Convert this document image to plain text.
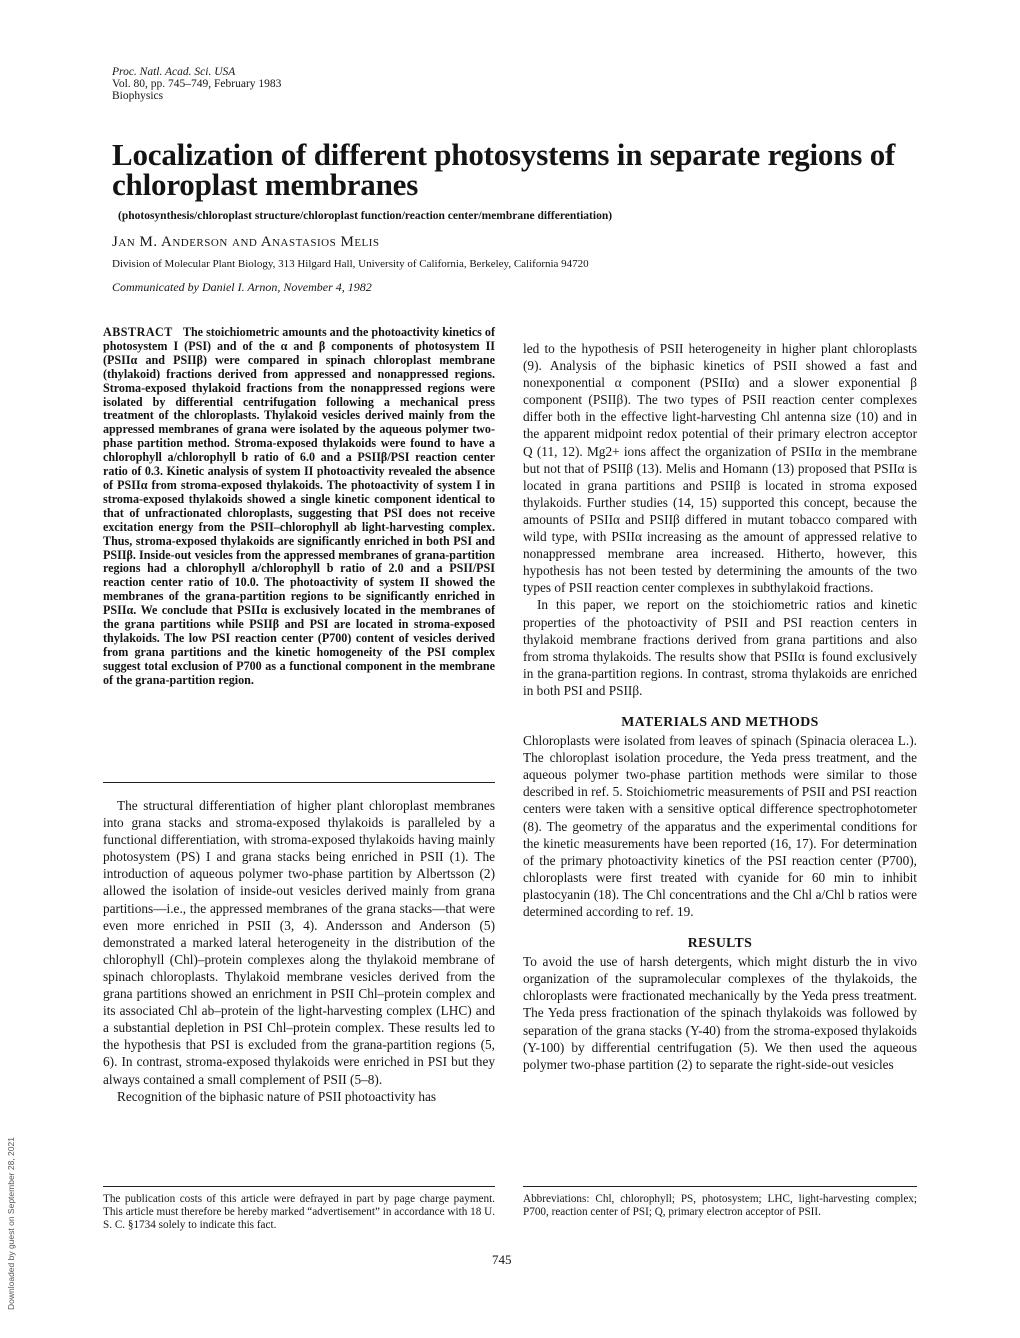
Proc. Natl. Acad. Sci. USA
Vol. 80, pp. 745–749, February 1983
Biophysics
Localization of different photosystems in separate regions of chloroplast membranes
(photosynthesis/chloroplast structure/chloroplast function/reaction center/membrane differentiation)
Jan M. Anderson and Anastasios Melis
Division of Molecular Plant Biology, 313 Hilgard Hall, University of California, Berkeley, California 94720
Communicated by Daniel I. Arnon, November 4, 1982
ABSTRACT The stoichiometric amounts and the photoactivity kinetics of photosystem I (PSI) and of the α and β components of photosystem II (PSIIα and PSIIβ) were compared in spinach chloroplast membrane (thylakoid) fractions derived from appressed and nonappressed regions. Stroma-exposed thylakoid fractions from the nonappressed regions were isolated by differential centrifugation following a mechanical press treatment of the chloroplasts. Thylakoid vesicles derived mainly from the appressed membranes of grana were isolated by the aqueous polymer two-phase partition method. Stroma-exposed thylakoids were found to have a chlorophyll a/chlorophyll b ratio of 6.0 and a PSIIβ/PSI reaction center ratio of 0.3. Kinetic analysis of system II photoactivity revealed the absence of PSIIα from stroma-exposed thylakoids. The photoactivity of system I in stroma-exposed thylakoids showed a single kinetic component identical to that of unfractionated chloroplasts, suggesting that PSI does not receive excitation energy from the PSII–chlorophyll ab light-harvesting complex. Thus, stroma-exposed thylakoids are significantly enriched in both PSI and PSIIβ. Inside-out vesicles from the appressed membranes of grana-partition regions had a chlorophyll a/chlorophyll b ratio of 2.0 and a PSII/PSI reaction center ratio of 10.0. The photoactivity of system II showed the membranes of the grana-partition regions to be significantly enriched in PSIIα. We conclude that PSIIα is exclusively located in the membranes of the grana partitions while PSIIβ and PSI are located in stroma-exposed thylakoids. The low PSI reaction center (P700) content of vesicles derived from grana partitions and the kinetic homogeneity of the PSI complex suggest total exclusion of P700 as a functional component in the membrane of the grana-partition region.

The structural differentiation of higher plant chloroplast membranes into grana stacks and stroma-exposed thylakoids is paralleled by a functional differentiation, with stroma-exposed thylakoids having mainly photosystem (PS) I and grana stacks being enriched in PSII (1). The introduction of aqueous polymer two-phase partition by Albertsson (2) allowed the isolation of inside-out vesicles derived mainly from grana partitions—i.e., the appressed membranes of the grana stacks—that were even more enriched in PSII (3, 4). Andersson and Anderson (5) demonstrated a marked lateral heterogeneity in the distribution of the chlorophyll (Chl)–protein complexes along the thylakoid membrane of spinach chloroplasts. Thylakoid membrane vesicles derived from the grana partitions showed an enrichment in PSII Chl–protein complex and its associated Chl ab–protein of the light-harvesting complex (LHC) and a substantial depletion in PSI Chl–protein complex. These results led to the hypothesis that PSI is excluded from the grana-partition regions (5, 6). In contrast, stroma-exposed thylakoids were enriched in PSI but they always contained a small complement of PSII (5–8).

Recognition of the biphasic nature of PSII photoactivity has

led to the hypothesis of PSII heterogeneity in higher plant chloroplasts (9). Analysis of the biphasic kinetics of PSII showed a fast and nonexponential α component (PSIIα) and a slower exponential β component (PSIIβ). The two types of PSII reaction center complexes differ both in the effective light-harvesting Chl antenna size (10) and in the apparent midpoint redox potential of their primary electron acceptor Q (11, 12). Mg2+ ions affect the organization of PSIIα in the membrane but not that of PSIIβ (13). Melis and Homann (13) proposed that PSIIα is located in grana partitions and PSIIβ is located in stroma exposed thylakoids. Further studies (14, 15) supported this concept, because the amounts of PSIIα and PSIIβ differed in mutant tobacco compared with wild type, with PSIIα increasing as the amount of appressed relative to nonappressed membrane area increased. Hitherto, however, this hypothesis has not been tested by determining the amounts of the two types of PSII reaction center complexes in subthylakoid fractions.

In this paper, we report on the stoichiometric ratios and kinetic properties of the photoactivity of PSII and PSI reaction centers in thylakoid membrane fractions derived from grana partitions and also from stroma thylakoids. The results show that PSIIα is found exclusively in the grana-partition regions. In contrast, stroma thylakoids are enriched in both PSI and PSIIβ.

MATERIALS AND METHODS

Chloroplasts were isolated from leaves of spinach (Spinacia oleracea L.). The chloroplast isolation procedure, the Yeda press treatment, and the aqueous polymer two-phase partition methods were similar to those described in ref. 5. Stoichiometric measurements of PSII and PSI reaction centers were taken with a sensitive optical difference spectrophotometer (8). The geometry of the apparatus and the experimental conditions for the kinetic measurements have been reported (16, 17). For determination of the primary photoactivity kinetics of the PSI reaction center (P700), chloroplasts were first treated with cyanide for 60 min to inhibit plastocyanin (18). The Chl concentrations and the Chl a/Chl b ratios were determined according to ref. 19.

RESULTS

To avoid the use of harsh detergents, which might disturb the in vivo organization of the supramolecular complexes of the thylakoids, the chloroplasts were fractionated mechanically by the Yeda press treatment. The Yeda press fractionation of the spinach thylakoids was followed by separation of the grana stacks (Y-40) from the stroma-exposed thylakoids (Y-100) by differential centrifugation (5). We then used the aqueous polymer two-phase partition (2) to separate the right-side-out vesicles

The publication costs of this article were defrayed in part by page charge payment. This article must therefore be hereby marked “advertisement” in accordance with 18 U. S. C. §1734 solely to indicate this fact.
Abbreviations: Chl, chlorophyll; PS, photosystem; LHC, light-harvesting complex; P700, reaction center of PSI; Q, primary electron acceptor of PSII.
745
Downloaded by guest on September 28, 2021
